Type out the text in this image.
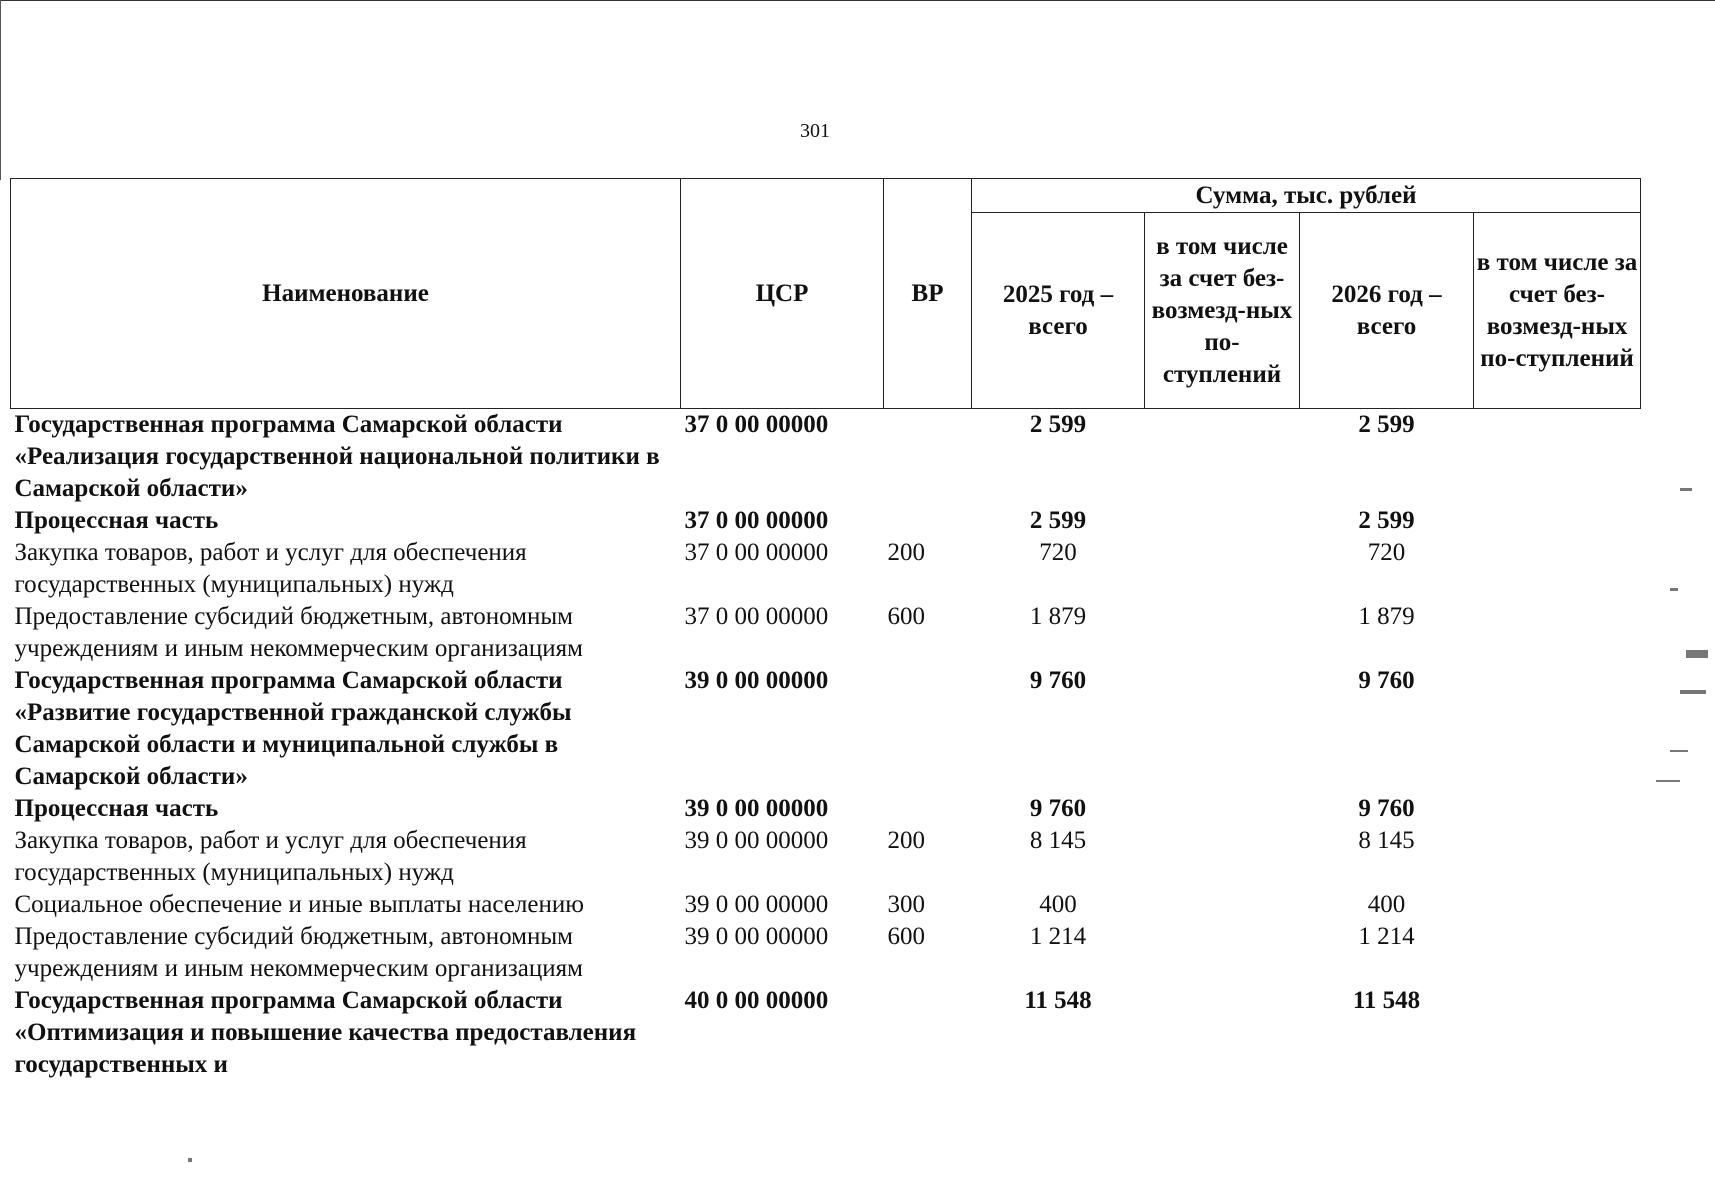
301
Наименование	ЦСР	ВР	Сумма, тыс. рублей			
			2025 год – всего	в том числе за счет без-возмезд-ных по-ступлений	2026 год – всего	в том числе за счет без-возмезд-ных по-ступлений
Государственная программа Самарской области «Реализация государственной национальной политики в Самарской области»	37 0 00 00000		2 599		2 599	
Процессная часть	37 0 00 00000		2 599		2 599	
Закупка товаров, работ и услуг для обеспечения государственных (муниципальных) нужд	37 0 00 00000	200	720		720	
Предоставление субсидий бюджетным, автономным учреждениям и иным некоммерческим организациям	37 0 00 00000	600	1 879		1 879	
Государственная программа Самарской области «Развитие государственной гражданской службы Самарской области и муниципальной службы в Самарской области»	39 0 00 00000		9 760		9 760	
Процессная часть	39 0 00 00000		9 760		9 760	
Закупка товаров, работ и услуг для обеспечения государственных (муниципальных) нужд	39 0 00 00000	200	8 145		8 145	
Социальное обеспечение и иные выплаты населению	39 0 00 00000	300	400		400	
Предоставление субсидий бюджетным, автономным учреждениям и иным некоммерческим организациям	39 0 00 00000	600	1 214		1 214	
Государственная программа Самарской области «Оптимизация и повышение качества предоставления государственных и	40 0 00 00000		11 548		11 548	
